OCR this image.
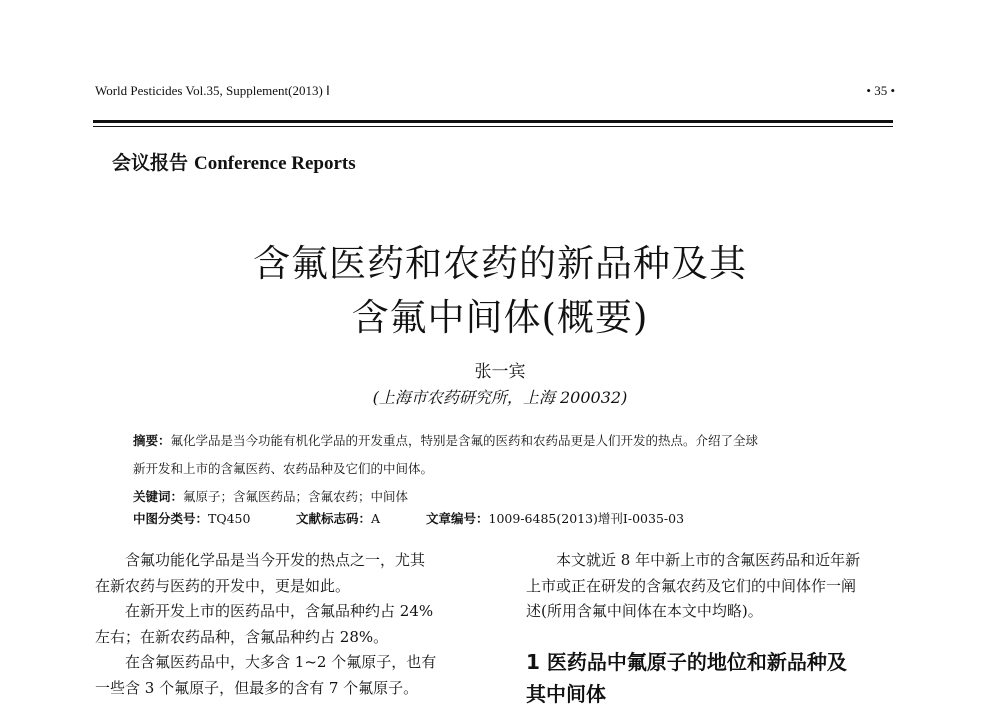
World Pesticides Vol.35, Supplement(2013) Ⅰ	• 35 •
会议报告 Conference Reports
含氟医药和农药的新品种及其
含氟中间体(概要)
张一宾
(上海市农药研究所，上海 200032)
摘要：氟化学品是当今功能有机化学品的开发重点，特别是含氟的医药和农药品更是人们开发的热点。介绍了全球
新开发和上市的含氟医药、农药品种及它们的中间体。
关键词：氟原子；含氟医药品；含氟农药；中间体
中图分类号：TQ450	文献标志码：A	文章编号：1009-6485(2013)增刊Ⅰ-0035-03

含氟功能化学品是当今开发的热点之一，尤其

在新农药与医药的开发中，更是如此。

在新开发上市的医药品中，含氟品种约占 24%

左右；在新农药品种，含氟品种约占 28%。

在含氟医药品中，大多含 1~2 个氟原子，也有

一些含 3 个氟原子，但最多的含有 7 个氟原子。

本文就近 8 年中新上市的含氟医药品和近年新

上市或正在研发的含氟农药及它们的中间体作一阐

述(所用含氟中间体在本文中均略)。

1 医药品中氟原子的地位和新品种及
其中间体
